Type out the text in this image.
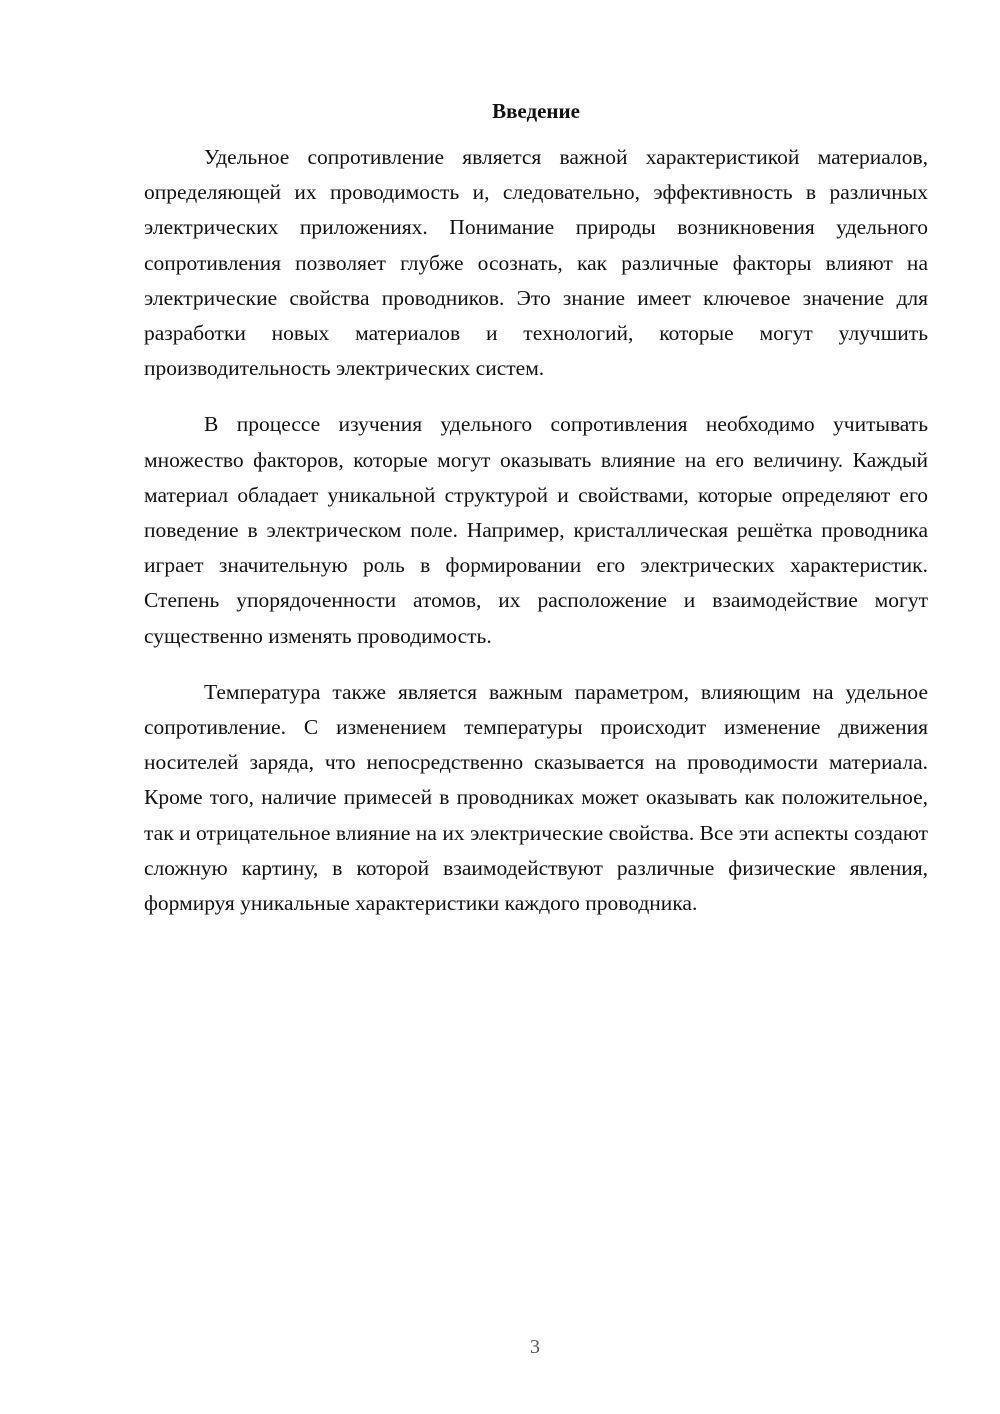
Введение

Удельное сопротивление является важной характеристикой материалов, определяющей их проводимость и, следовательно, эффективность в различных электрических приложениях. Понимание природы возникновения удельного сопротивления позволяет глубже осознать, как различные факторы влияют на электрические свойства проводников. Это знание имеет ключевое значение для разработки новых материалов и технологий, которые могут улучшить производительность электрических систем.

В процессе изучения удельного сопротивления необходимо учитывать множество факторов, которые могут оказывать влияние на его величину. Каждый материал обладает уникальной структурой и свойствами, которые определяют его поведение в электрическом поле. Например, кристаллическая решётка проводника играет значительную роль в формировании его электрических характеристик. Степень упорядоченности атомов, их расположение и взаимодействие могут существенно изменять проводимость.

Температура также является важным параметром, влияющим на удельное сопротивление. С изменением температуры происходит изменение движения носителей заряда, что непосредственно сказывается на проводимости материала. Кроме того, наличие примесей в проводниках может оказывать как положительное, так и отрицательное влияние на их электрические свойства. Все эти аспекты создают сложную картину, в которой взаимодействуют различные физические явления, формируя уникальные характеристики каждого проводника.

3
